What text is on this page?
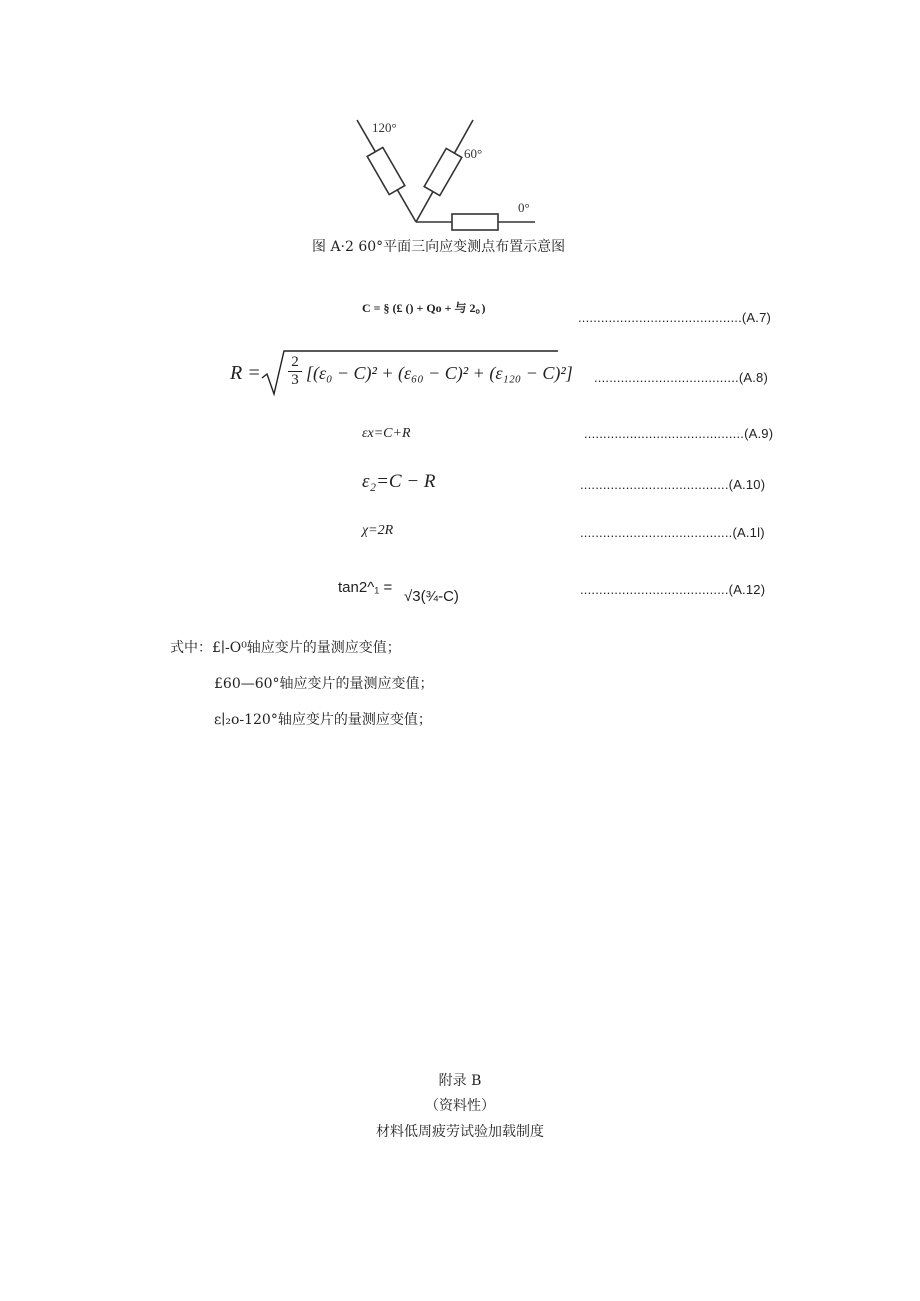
120°
60°
0°
图 A·2 60°平面三向应变测点布置示意图
C = § (£ () + Qo + 与 2。)
...........................................(A.7)
$R = \frac{2}{3} [(\varepsilon_0 - C)^2 + (\varepsilon_{60} - C)^2 + (\varepsilon_{120} - C)^2]$ ......................................(A.8)
εx=C+R	..........................................(A.9)
ε₂=C − R	.......................................(A.10)
χ=2R	........................................(A.1l)
tan2^₁ =
√3(¾-C)	.......................................(A.12)
式中：£∣-O⁰轴应变片的量测应变值；
£60—60°轴应变片的量测应变值；
ε∣₂o-120°轴应变片的量测应变值；
附录 B
（资料性）
材料低周疲劳试验加载制度
